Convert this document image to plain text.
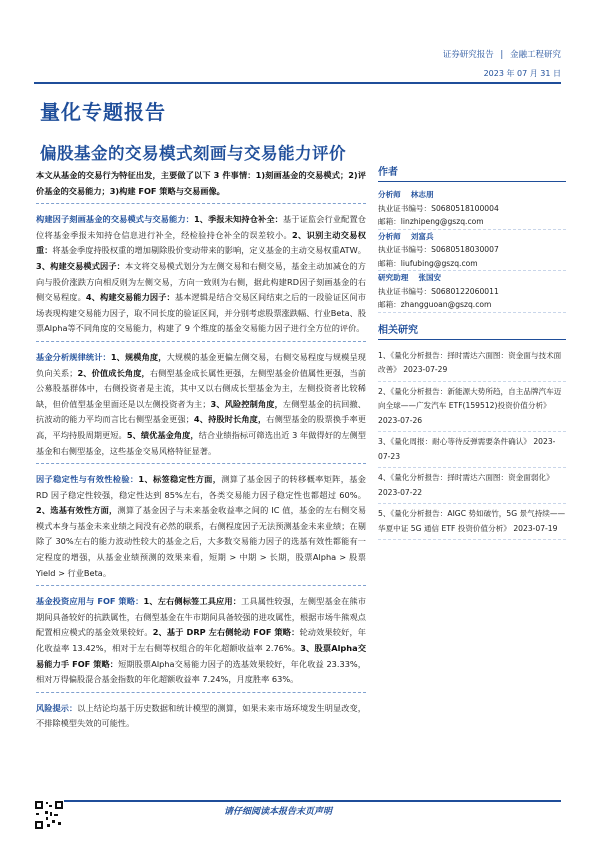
证券研究报告 | 金融工程研究
2023 年 07 月 31 日
量化专题报告
偏股基金的交易模式刻画与交易能力评价

本文从基金的交易行为特征出发，主要做了以下 3 件事情：1)刻画基金的交易模式；2)评价基金的交易能力；3)构建 FOF 策略与交易画像。

构建因子刻画基金的交易模式与交易能力：1、季报未知持仓补全：基于证监会行业配置仓位将基金季报未知持仓信息进行补全，经检验持仓补全的误差较小。2、识别主动交易权重：将基金季度持股权重的增加剔除股价变动带来的影响，定义基金的主动交易权重ATW。3、构建交易模式因子：本文将交易模式划分为左侧交易和右侧交易，基金主动加减仓的方向与股价涨跌方向相反则为左侧交易，方向一致则为右侧，据此构建RD因子刻画基金的右侧交易程度。4、构建交易能力因子：基本逻辑是结合交易区间结束之后的一段验证区间市场表现构建交易能力因子，取不同长度的验证区间，并分别考虑股票涨跌幅、行业Beta、股票Alpha等不同角度的交易能力，构建了 9 个维度的基金交易能力因子进行全方位的评价。

基金分析规律统计：1、规模角度，大规模的基金更偏左侧交易，右侧交易程度与规模呈现负向关系；2、价值成长角度，右侧型基金成长属性更强，左侧型基金价值属性更强，当前公募股基群体中，右侧投资者是主流，其中又以右侧成长型基金为主，左侧投资者比较稀缺，但价值型基金里面还是以左侧投资者为主；3、风险控制角度，左侧型基金的抗回撤、抗波动的能力平均而言比右侧型基金更强；4、持股时长角度，右侧型基金的股票换手率更高，平均持股周期更短。5、绩优基金角度，结合业绩指标可筛选出近 3 年做得好的左侧型基金和右侧型基金，这些基金交易风格特征显著。

因子稳定性与有效性检验：1、标签稳定性方面，测算了基金因子的转移概率矩阵，基金 RD 因子稳定性较强，稳定性达到 85%左右，各类交易能力因子稳定性也都超过 60%。2、选基有效性方面，测算了基金因子与未来基金收益率之间的 IC 值，基金的左右侧交易模式本身与基金未来业绩之间没有必然的联系，右侧程度因子无法预测基金未来业绩；在剔除了 30%左右的能力波动性较大的基金之后，大多数交易能力因子的选基有效性都能有一定程度的增强，从基金业绩预测的效果来看，短期 > 中期 > 长期，股票Alpha > 股票Yield > 行业Beta。

基金投资应用与 FOF 策略：1、左右侧标签工具应用：工具属性较强，左侧型基金在熊市期间具备较好的抗跌属性，右侧型基金在牛市期间具备较强的进攻属性，根据市场牛熊观点配置相应模式的基金效果较好。2、基于 DRP 左右侧轮动 FOF 策略：轮动效果较好，年化收益率 13.42%，相对于左右侧等权组合的年化超额收益率 2.76%。3、股票Alpha交易能力手 FOF 策略：短期股票Alpha交易能力因子的选基效果较好，年化收益 23.33%，相对万得偏股混合基金指数的年化超额收益率 7.24%，月度胜率 63%。

风险提示：以上结论均基于历史数据和统计模型的测算，如果未来市场环境发生明显改变，不排除模型失效的可能性。

作者
分析师 林志朋
执业证书编号：S0680518100004
邮箱：linzhipeng@gszq.com
分析师 刘富兵
执业证书编号：S0680518030007
邮箱：liufubing@gszq.com
研究助理 张国安
执业证书编号：S0680122060011
邮箱：zhangguoan@gszq.com
相关研究
1、《量化分析报告：择时需达六面图：资金面与技术面改善》 2023-07-29
2、《量化分析报告：新能源大势所趋，自主品牌汽车迈向全球——广发汽车 ETF(159512)投资价值分析》 2023-07-26
3、《量化周报：耐心等待反弹需要条件确认》 2023-07-23
4、《量化分析报告：择时需达六面图：资金面弱化》 2023-07-22
5、《量化分析报告：AIGC 势如破竹，5G 景气持续——华夏中证 5G 通信 ETF 投资价值分析》 2023-07-19
请仔细阅读本报告末页声明
